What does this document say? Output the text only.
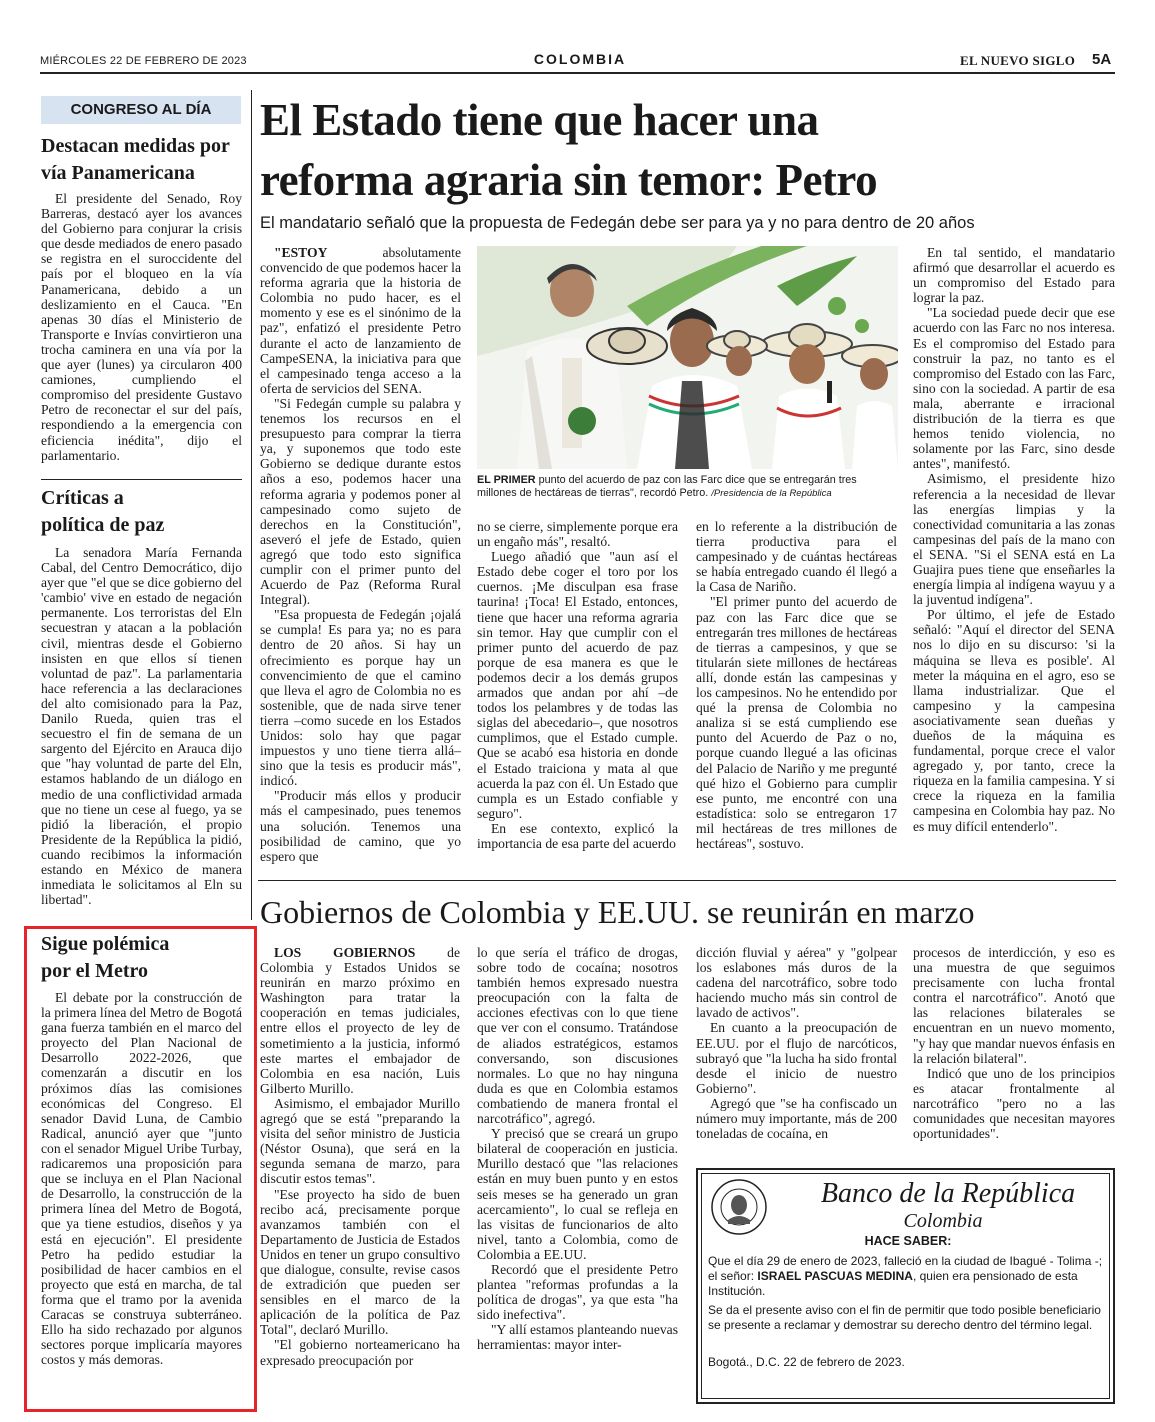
MIÉRCOLES 22 DE FEBRERO DE 2023	COLOMBIA	EL NUEVO SIGLO 5A
CONGRESO AL DÍA
Destacan medidas por vía Panamericana

El presidente del Senado, Roy Barreras, destacó ayer los avances del Gobierno para conjurar la crisis que desde mediados de enero pasado se registra en el suroccidente del país por el bloqueo en la vía Panamericana, debido a un deslizamiento en el Cauca. "En apenas 30 días el Ministerio de Transporte e Invías convirtieron una trocha caminera en una vía por la que ayer (lunes) ya circularon 400 camiones, cumpliendo el compromiso del presidente Gustavo Petro de reconectar el sur del país, respondiendo a la emergencia con eficiencia inédita", dijo el parlamentario.

Críticas a política de paz

La senadora María Fernanda Cabal, del Centro Democrático, dijo ayer que "el que se dice gobierno del 'cambio' vive en estado de negación permanente. Los terroristas del Eln secuestran y atacan a la población civil, mientras desde el Gobierno insisten en que ellos sí tienen voluntad de paz". La parlamentaria hace referencia a las declaraciones del alto comisionado para la Paz, Danilo Rueda, quien tras el secuestro el fin de semana de un sargento del Ejército en Arauca dijo que "hay voluntad de parte del Eln, estamos hablando de un diálogo en medio de una conflictividad armada que no tiene un cese al fuego, ya se pidió la liberación, el propio Presidente de la República la pidió, cuando recibimos la información estando en México de manera inmediata le solicitamos al Eln su libertad".

Sigue polémica por el Metro

El debate por la construcción de la primera línea del Metro de Bogotá gana fuerza también en el marco del proyecto del Plan Nacional de Desarrollo 2022-2026, que comenzarán a discutir en los próximos días las comisiones económicas del Congreso. El senador David Luna, de Cambio Radical, anunció ayer que "junto con el senador Miguel Uribe Turbay, radicaremos una proposición para que se incluya en el Plan Nacional de Desarrollo, la construcción de la primera línea del Metro de Bogotá, que ya tiene estudios, diseños y ya está en ejecución". El presidente Petro ha pedido estudiar la posibilidad de hacer cambios en el proyecto que está en marcha, de tal forma que el tramo por la avenida Caracas se construya subterráneo. Ello ha sido rechazado por algunos sectores porque implicaría mayores costos y más demoras.

El Estado tiene que hacer una
reforma agraria sin temor: Petro
El mandatario señaló que la propuesta de Fedegán debe ser para ya y no para dentro de 20 años
EL PRIMER punto del acuerdo de paz con las Farc dice que se entregarán tres millones de hectáreas de tierras", recordó Petro. /Presidencia de la República

"ESTOY absolutamente convencido de que podemos hacer la reforma agraria que la historia de Colombia no pudo hacer, es el momento y ese es el sinónimo de la paz", enfatizó el presidente Petro durante el acto de lanzamiento de CampeSENA, la iniciativa para que el campesinado tenga acceso a la oferta de servicios del SENA.

"Si Fedegán cumple su palabra y tenemos los recursos en el presupuesto para comprar la tierra ya, y suponemos que todo este Gobierno se dedique durante estos años a eso, podemos hacer una reforma agraria y podemos poner al campesinado como sujeto de derechos en la Constitución", aseveró el jefe de Estado, quien agregó que todo esto significa cumplir con el primer punto del Acuerdo de Paz (Reforma Rural Integral).

"Esa propuesta de Fedegán ¡ojalá se cumpla! Es para ya; no es para dentro de 20 años. Si hay un ofrecimiento es porque hay un convencimiento de que el camino que lleva el agro de Colombia no es sostenible, que de nada sirve tener tierra –como sucede en los Estados Unidos: solo hay que pagar impuestos y uno tiene tierra allá– sino que la tesis es producir más", indicó.

"Producir más ellos y producir más el campesinado, pues tenemos una solución. Tenemos una posibilidad de camino, que yo espero que

no se cierre, simplemente porque era un engaño más", resaltó.

Luego añadió que "aun así el Estado debe coger el toro por los cuernos. ¡Me disculpan esa frase taurina! ¡Toca! El Estado, entonces, tiene que hacer una reforma agraria sin temor. Hay que cumplir con el primer punto del acuerdo de paz porque de esa manera es que le podemos decir a los demás grupos armados que andan por ahí –de todos los pelambres y de todas las siglas del abecedario–, que nosotros cumplimos, que el Estado cumple. Que se acabó esa historia en donde el Estado traiciona y mata al que acuerda la paz con él. Un Estado que cumpla es un Estado confiable y seguro".

En ese contexto, explicó la importancia de esa parte del acuerdo

en lo referente a la distribución de tierra productiva para el campesinado y de cuántas hectáreas se había entregado cuando él llegó a la Casa de Nariño.

"El primer punto del acuerdo de paz con las Farc dice que se entregarán tres millones de hectáreas de tierras a campesinos, y que se titularán siete millones de hectáreas allí, donde están las campesinas y los campesinos. No he entendido por qué la prensa de Colombia no analiza si se está cumpliendo ese punto del Acuerdo de Paz o no, porque cuando llegué a las oficinas del Palacio de Nariño y me pregunté qué hizo el Gobierno para cumplir ese punto, me encontré con una estadística: solo se entregaron 17 mil hectáreas de tres millones de hectáreas", sostuvo.

En tal sentido, el mandatario afirmó que desarrollar el acuerdo es un compromiso del Estado para lograr la paz.

"La sociedad puede decir que ese acuerdo con las Farc no nos interesa. Es el compromiso del Estado para construir la paz, no tanto es el compromiso del Estado con las Farc, sino con la sociedad. A partir de esa mala, aberrante e irracional distribución de la tierra es que hemos tenido violencia, no solamente por las Farc, sino desde antes", manifestó.

Asimismo, el presidente hizo referencia a la necesidad de llevar las energías limpias y la conectividad comunitaria a las zonas campesinas del país de la mano con el SENA. "Si el SENA está en La Guajira pues tiene que enseñarles la energía limpia al indígena wayuu y a la juventud indígena".

Por último, el jefe de Estado señaló: "Aquí el director del SENA nos lo dijo en su discurso: 'si la máquina se lleva es posible'. Al meter la máquina en el agro, eso se llama industrializar. Que el campesino y la campesina asociativamente sean dueñas y dueños de la máquina es fundamental, porque crece el valor agregado y, por tanto, crece la riqueza en la familia campesina. Y si crece la riqueza en la familia campesina en Colombia hay paz. No es muy difícil entenderlo".

Gobiernos de Colombia y EE.UU. se reunirán en marzo

LOS GOBIERNOS de Colombia y Estados Unidos se reunirán en marzo próximo en Washington para tratar la cooperación en temas judiciales, entre ellos el proyecto de ley de sometimiento a la justicia, informó este martes el embajador de Colombia en esa nación, Luis Gilberto Murillo.

Asimismo, el embajador Murillo agregó que se está "preparando la visita del señor ministro de Justicia (Néstor Osuna), que será en la segunda semana de marzo, para discutir estos temas".

"Ese proyecto ha sido de buen recibo acá, precisamente porque avanzamos también con el Departamento de Justicia de Estados Unidos en tener un grupo consultivo que dialogue, consulte, revise casos de extradición que pueden ser sensibles en el marco de la aplicación de la política de Paz Total", declaró Murillo.

"El gobierno norteamericano ha expresado preocupación por

lo que sería el tráfico de drogas, sobre todo de cocaína; nosotros también hemos expresado nuestra preocupación con la falta de acciones efectivas con lo que tiene que ver con el consumo. Tratándose de aliados estratégicos, estamos conversando, son discusiones normales. Lo que no hay ninguna duda es que en Colombia estamos combatiendo de manera frontal el narcotráfico", agregó.

Y precisó que se creará un grupo bilateral de cooperación en justicia. Murillo destacó que "las relaciones están en muy buen punto y en estos seis meses se ha generado un gran acercamiento", lo cual se refleja en las visitas de funcionarios de alto nivel, tanto a Colombia, como de Colombia a EE.UU.

Recordó que el presidente Petro plantea "reformas profundas a la política de drogas", ya que esta "ha sido inefectiva".

"Y allí estamos planteando nuevas herramientas: mayor inter-

dicción fluvial y aérea" y "golpear los eslabones más duros de la cadena del narcotráfico, sobre todo haciendo mucho más sin control de lavado de activos".

En cuanto a la preocupación de EE.UU. por el flujo de narcóticos, subrayó que "la lucha ha sido frontal desde el inicio de nuestro Gobierno".

Agregó que "se ha confiscado un número muy importante, más de 200 toneladas de cocaína, en

procesos de interdicción, y eso es una muestra de que seguimos precisamente con lucha frontal contra el narcotráfico". Anotó que las relaciones bilaterales se encuentran en un nuevo momento, "y hay que mandar nuevos énfasis en la relación bilateral".

Indicó que uno de los principios es atacar frontalmente al narcotráfico "pero no a las comunidades que necesitan mayores oportunidades".

Banco de la República
Colombia
HACE SABER:
Que el día 29 de enero de 2023, falleció en la ciudad de Ibagué - Tolima -; el señor: ISRAEL PASCUAS MEDINA, quien era pensionado de esta Institución.
Se da el presente aviso con el fin de permitir que todo posible beneficiario se presente a reclamar y demostrar su derecho dentro del término legal.
Bogotá., D.C. 22 de febrero de 2023.
